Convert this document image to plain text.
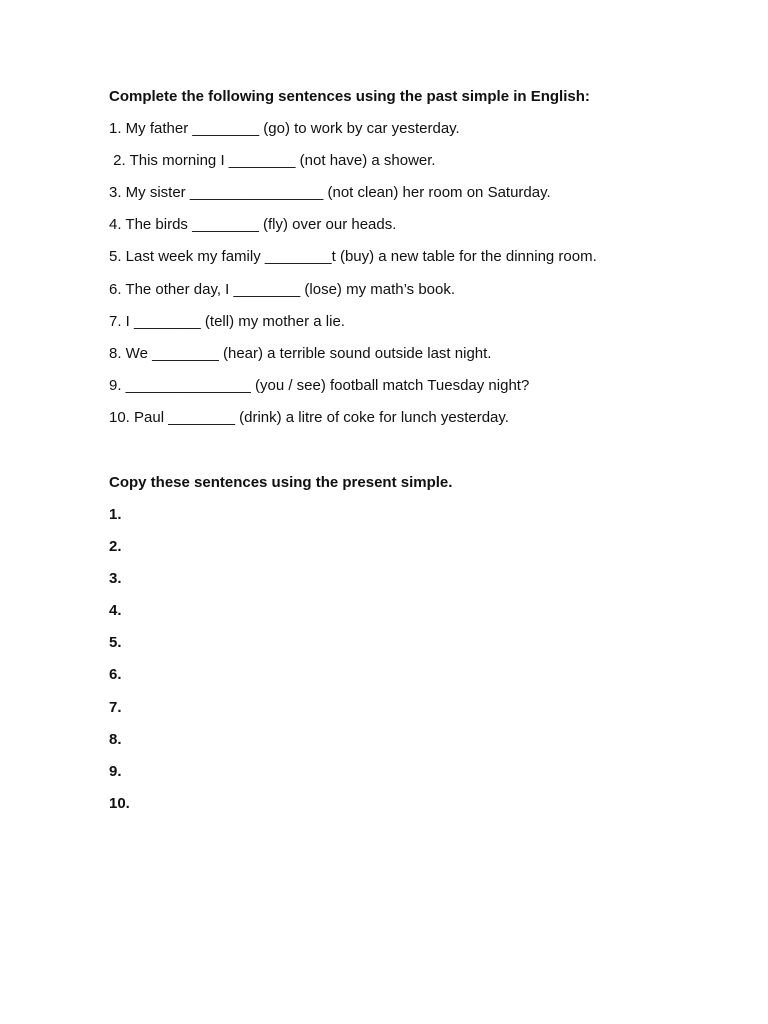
Complete the following sentences using the past simple in English:
1. My father ________ (go) to work by car yesterday.
2. This morning I ________ (not have) a shower.
3. My sister ________________ (not clean) her room on Saturday.
4. The birds ________ (fly) over our heads.
5. Last week my family ________t (buy) a new table for the dinning room.
6. The other day, I ________ (lose) my math’s book.
7. I ________ (tell) my mother a lie.
8. We ________ (hear) a terrible sound outside last night.
9. _______________ (you / see) football match Tuesday night?
10. Paul ________ (drink) a litre of coke for lunch yesterday.
Copy these sentences using the present simple.
1.
2.
3.
4.
5.
6.
7.
8.
9.
10.
